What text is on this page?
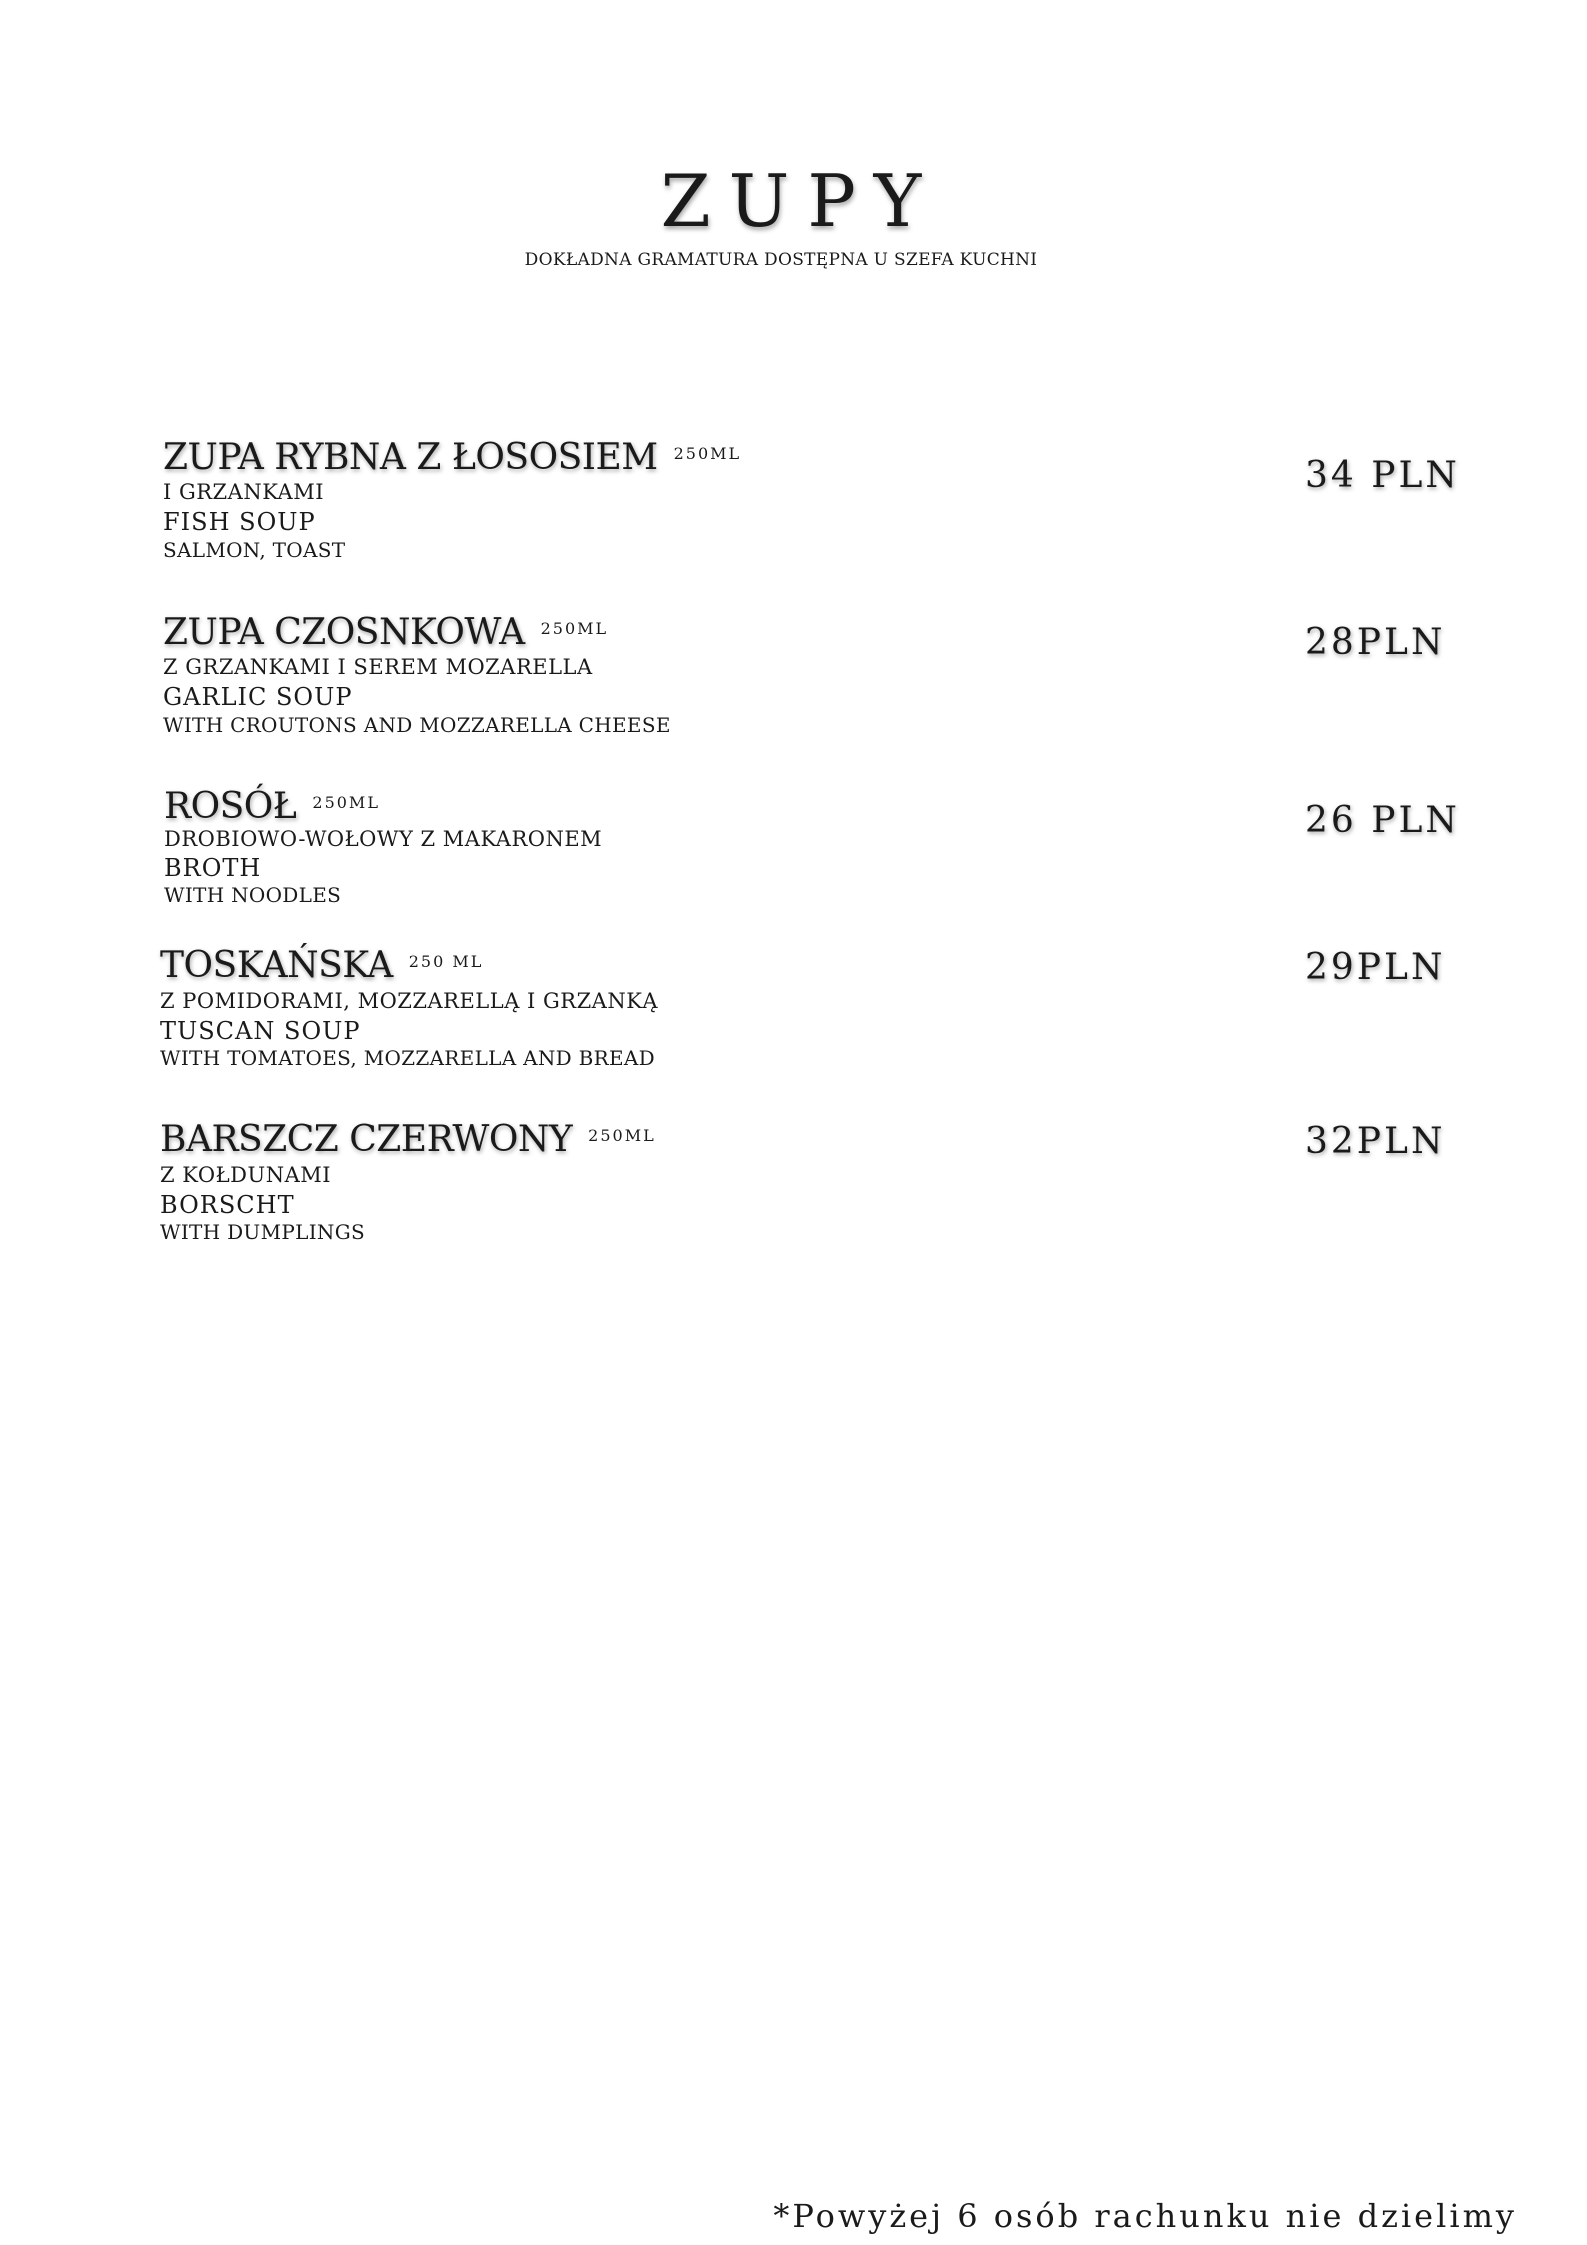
ZUPY
DOKŁADNA GRAMATURA DOSTĘPNA U SZEFA KUCHNI
ZUPA RYBNA Z ŁOSOSIEM 250ML
I GRZANKAMI
FISH SOUP
SALMON, TOAST
34 PLN
ZUPA CZOSNKOWA 250ML
Z GRZANKAMI I SEREM MOZARELLA
GARLIC SOUP
WITH CROUTONS AND MOZZARELLA CHEESE
28PLN
ROSÓŁ 250ML
DROBIOWO-WOŁOWY Z MAKARONEM
BROTH
WITH NOODLES
26 PLN
TOSKAŃSKA 250 ML
Z POMIDORAMI, MOZZARELLĄ I GRZANKĄ
TUSCAN SOUP
WITH TOMATOES, MOZZARELLA AND BREAD
29PLN
BARSZCZ CZERWONY 250ML
Z KOŁDUNAMI
BORSCHT
WITH DUMPLINGS
32PLN
*Powyżej 6 osób rachunku nie dzielimy
